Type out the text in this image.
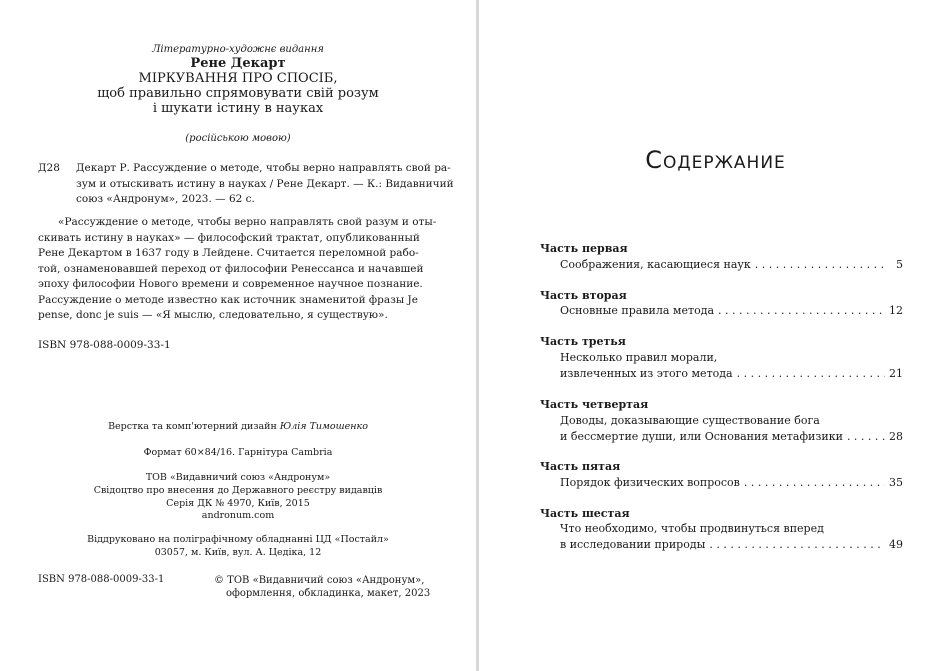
Літературно-художнє видання
Рене Декарт
МІРКУВАННЯ ПРО СПОСІБ,
щоб правильно спрямовувати свій розум
і шукати істину в науках
(російською мовою)
Д28 Декарт Р. Рассуждение о методе, чтобы верно направлять свой ра-
зум и отыскивать истину в науках / Рене Декарт. — К.: Видавничий
союз «Андронум», 2023. — 62 с.
«Рассуждение о методе, чтобы верно направлять свой разум и оты-
скивать истину в науках» — философский трактат, опубликованный
Рене Декартом в 1637 году в Лейдене. Считается переломной рабо-
той, ознаменовавшей переход от философии Ренессанса и начавшей
эпоху философии Нового времени и современное научное познание.
Рассуждение о методе известно как источник знаменитой фразы Je
pense, donc je suis — «Я мыслю, следовательно, я существую».
ISBN 978-088-0009-33-1
Верстка та комп'ютерний дизайн Юлія Тимошенко
Формат 60×84/16. Гарнітура Cambria
ТОВ «Видавничий союз «Андронум»
Свідоцтво про внесення до Державного реєстру видавців
Серія ДК № 4970, Київ, 2015
andronum.com
Віддруковано на поліграфічному обладнанні ЦД «Постайл»
03057, м. Київ, вул. А. Цедіка, 12
ISBN 978-088-0009-33-1	© ТОВ «Видавничий союз «Андронум»,
оформлення, обкладинка, макет, 2023
Содержание
Часть первая
Соображения, касающиеся наук . . .	5
Часть вторая
Основные правила метода . . .	12
Часть третья
Несколько правил морали,
извлеченных из этого метода . . .	21
Часть четвертая
Доводы, доказывающие существование бога
и бессмертие души, или Основания метафизики . . .	28
Часть пятая
Порядок физических вопросов . . .	35
Часть шестая
Что необходимо, чтобы продвинуться вперед
в исследовании природы . . .	49
